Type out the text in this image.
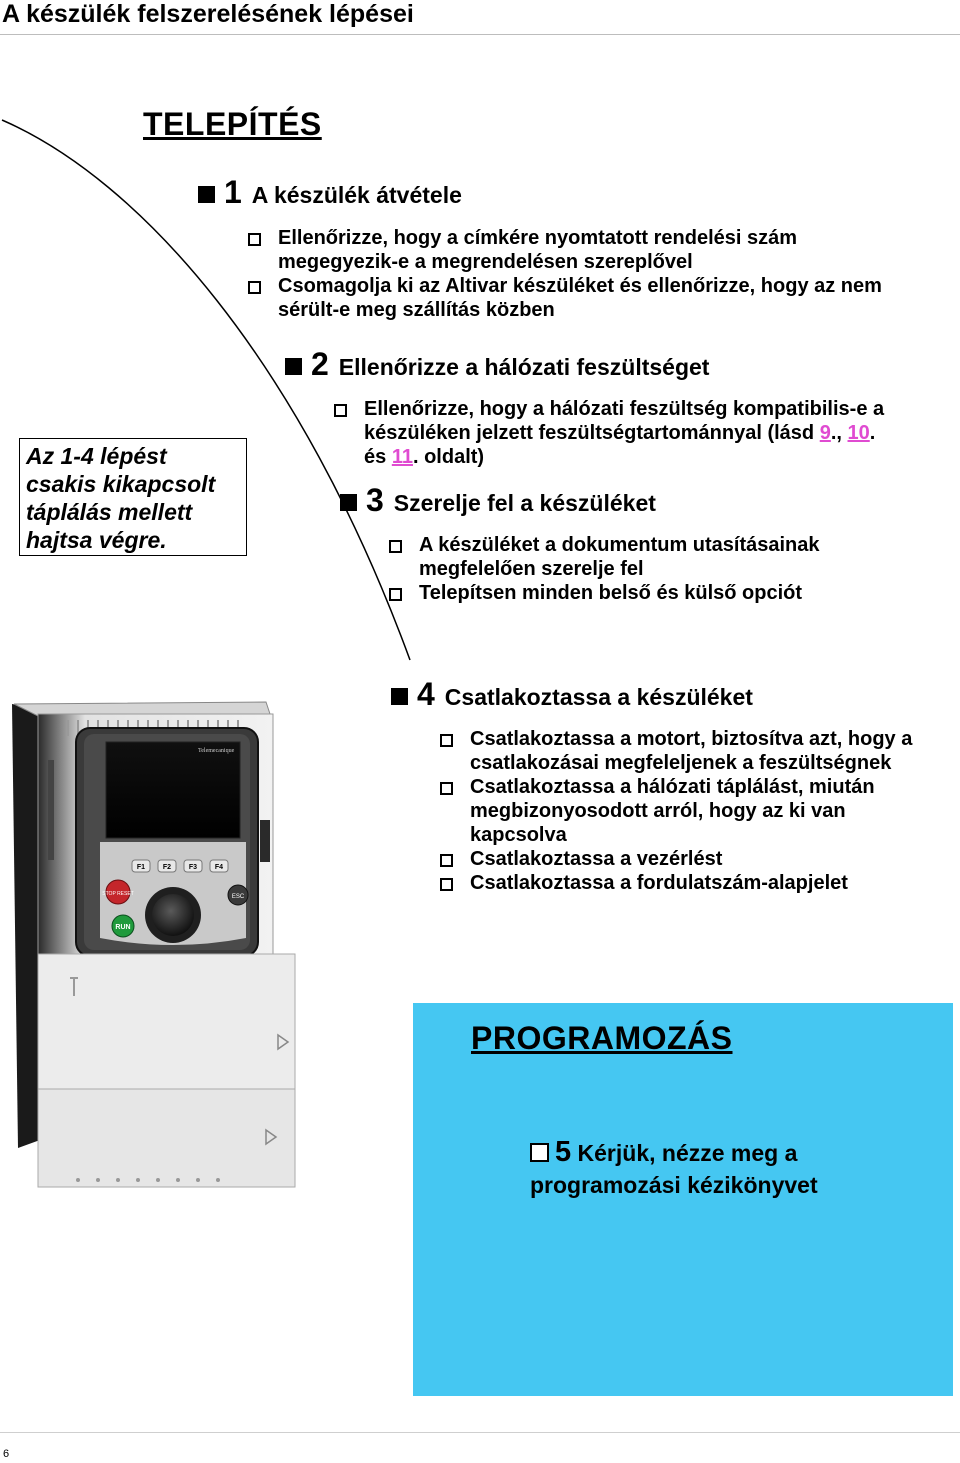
A készülék felszerelésének lépései
TELEPÍTÉS
1 A készülék átvétele
Ellenőrizze, hogy a címkére nyomtatott rendelési szám
megegyezik-e a megrendelésen szereplővel
Csomagolja ki az Altivar készüléket és ellenőrizze, hogy az nem
sérült-e meg szállítás közben
Az 1-4 lépést
csakis kikapcsolt
táplálás mellett
hajtsa végre.
2 Ellenőrizze a hálózati feszültséget
Ellenőrizze, hogy a hálózati feszültség kompatibilis-e a
készüléken jelzett feszültségtartománnyal (lásd 9., 10.
és 11. oldalt)
3 Szerelje fel a készüléket
A készüléket a dokumentum utasításainak
megfelelően szerelje fel
Telepítsen minden belső és külső opciót
Telemecanique
F1	F2	F3	F4
STOP RESET
RUN
ESC
4 Csatlakoztassa a készüléket
Csatlakoztassa a motort, biztosítva azt, hogy a
csatlakozásai megfeleljenek a feszültségnek
Csatlakoztassa a hálózati táplálást, miután
megbizonyosodott arról, hogy az ki van
kapcsolva
Csatlakoztassa a vezérlést
Csatlakoztassa a fordulatszám-alapjelet
PROGRAMOZÁS
5 Kérjük, nézze meg a
programozási kézikönyvet
6
